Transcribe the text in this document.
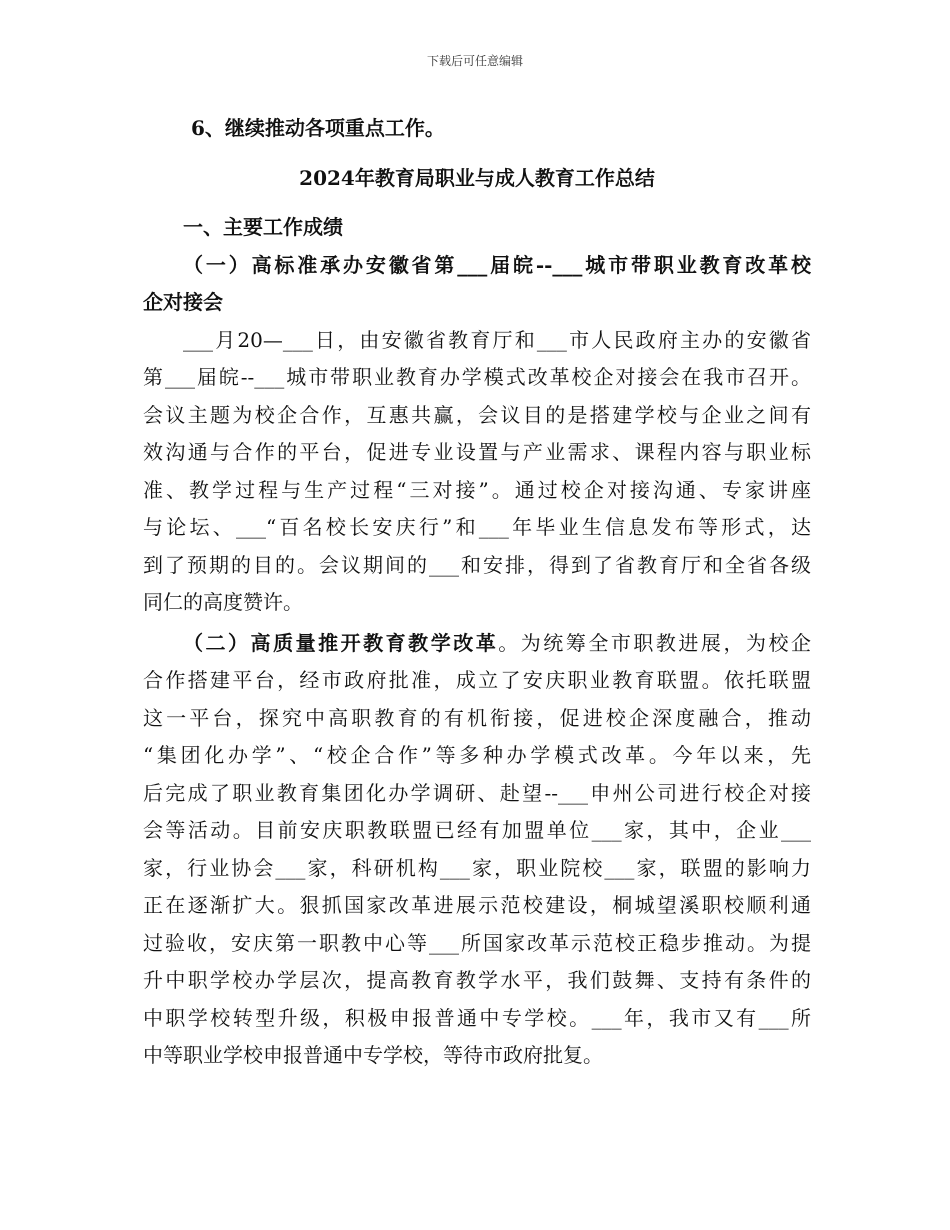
下载后可任意编辑
6、继续推动各项重点工作。
2024年教育局职业与成人教育工作总结
一、主要工作成绩
（一）高标准承办安徽省第___届皖--___城市带职业教育改革校
企对接会
___月20—___日，由安徽省教育厅和___市人民政府主办的安徽省
第___届皖--___城市带职业教育办学模式改革校企对接会在我市召开。
会议主题为校企合作，互惠共赢，会议目的是搭建学校与企业之间有
效沟通与合作的平台，促进专业设置与产业需求、课程内容与职业标
准、教学过程与生产过程“三对接”。通过校企对接沟通、专家讲座
与论坛、___“百名校长安庆行”和___年毕业生信息发布等形式，达
到了预期的目的。会议期间的___和安排，得到了省教育厅和全省各级
同仁的高度赞许。
（二）高质量推开教育教学改革。为统筹全市职教进展，为校企
合作搭建平台，经市政府批准，成立了安庆职业教育联盟。依托联盟
这一平台，探究中高职教育的有机衔接，促进校企深度融合，推动
“集团化办学”、“校企合作”等多种办学模式改革。今年以来，先
后完成了职业教育集团化办学调研、赴望--___申州公司进行校企对接
会等活动。目前安庆职教联盟已经有加盟单位___家，其中，企业___
家，行业协会___家，科研机构___家，职业院校___家，联盟的影响力
正在逐渐扩大。狠抓国家改革进展示范校建设，桐城望溪职校顺利通
过验收，安庆第一职教中心等___所国家改革示范校正稳步推动。为提
升中职学校办学层次，提高教育教学水平，我们鼓舞、支持有条件的
中职学校转型升级，积极申报普通中专学校。___年，我市又有___所
中等职业学校申报普通中专学校，等待市政府批复。
